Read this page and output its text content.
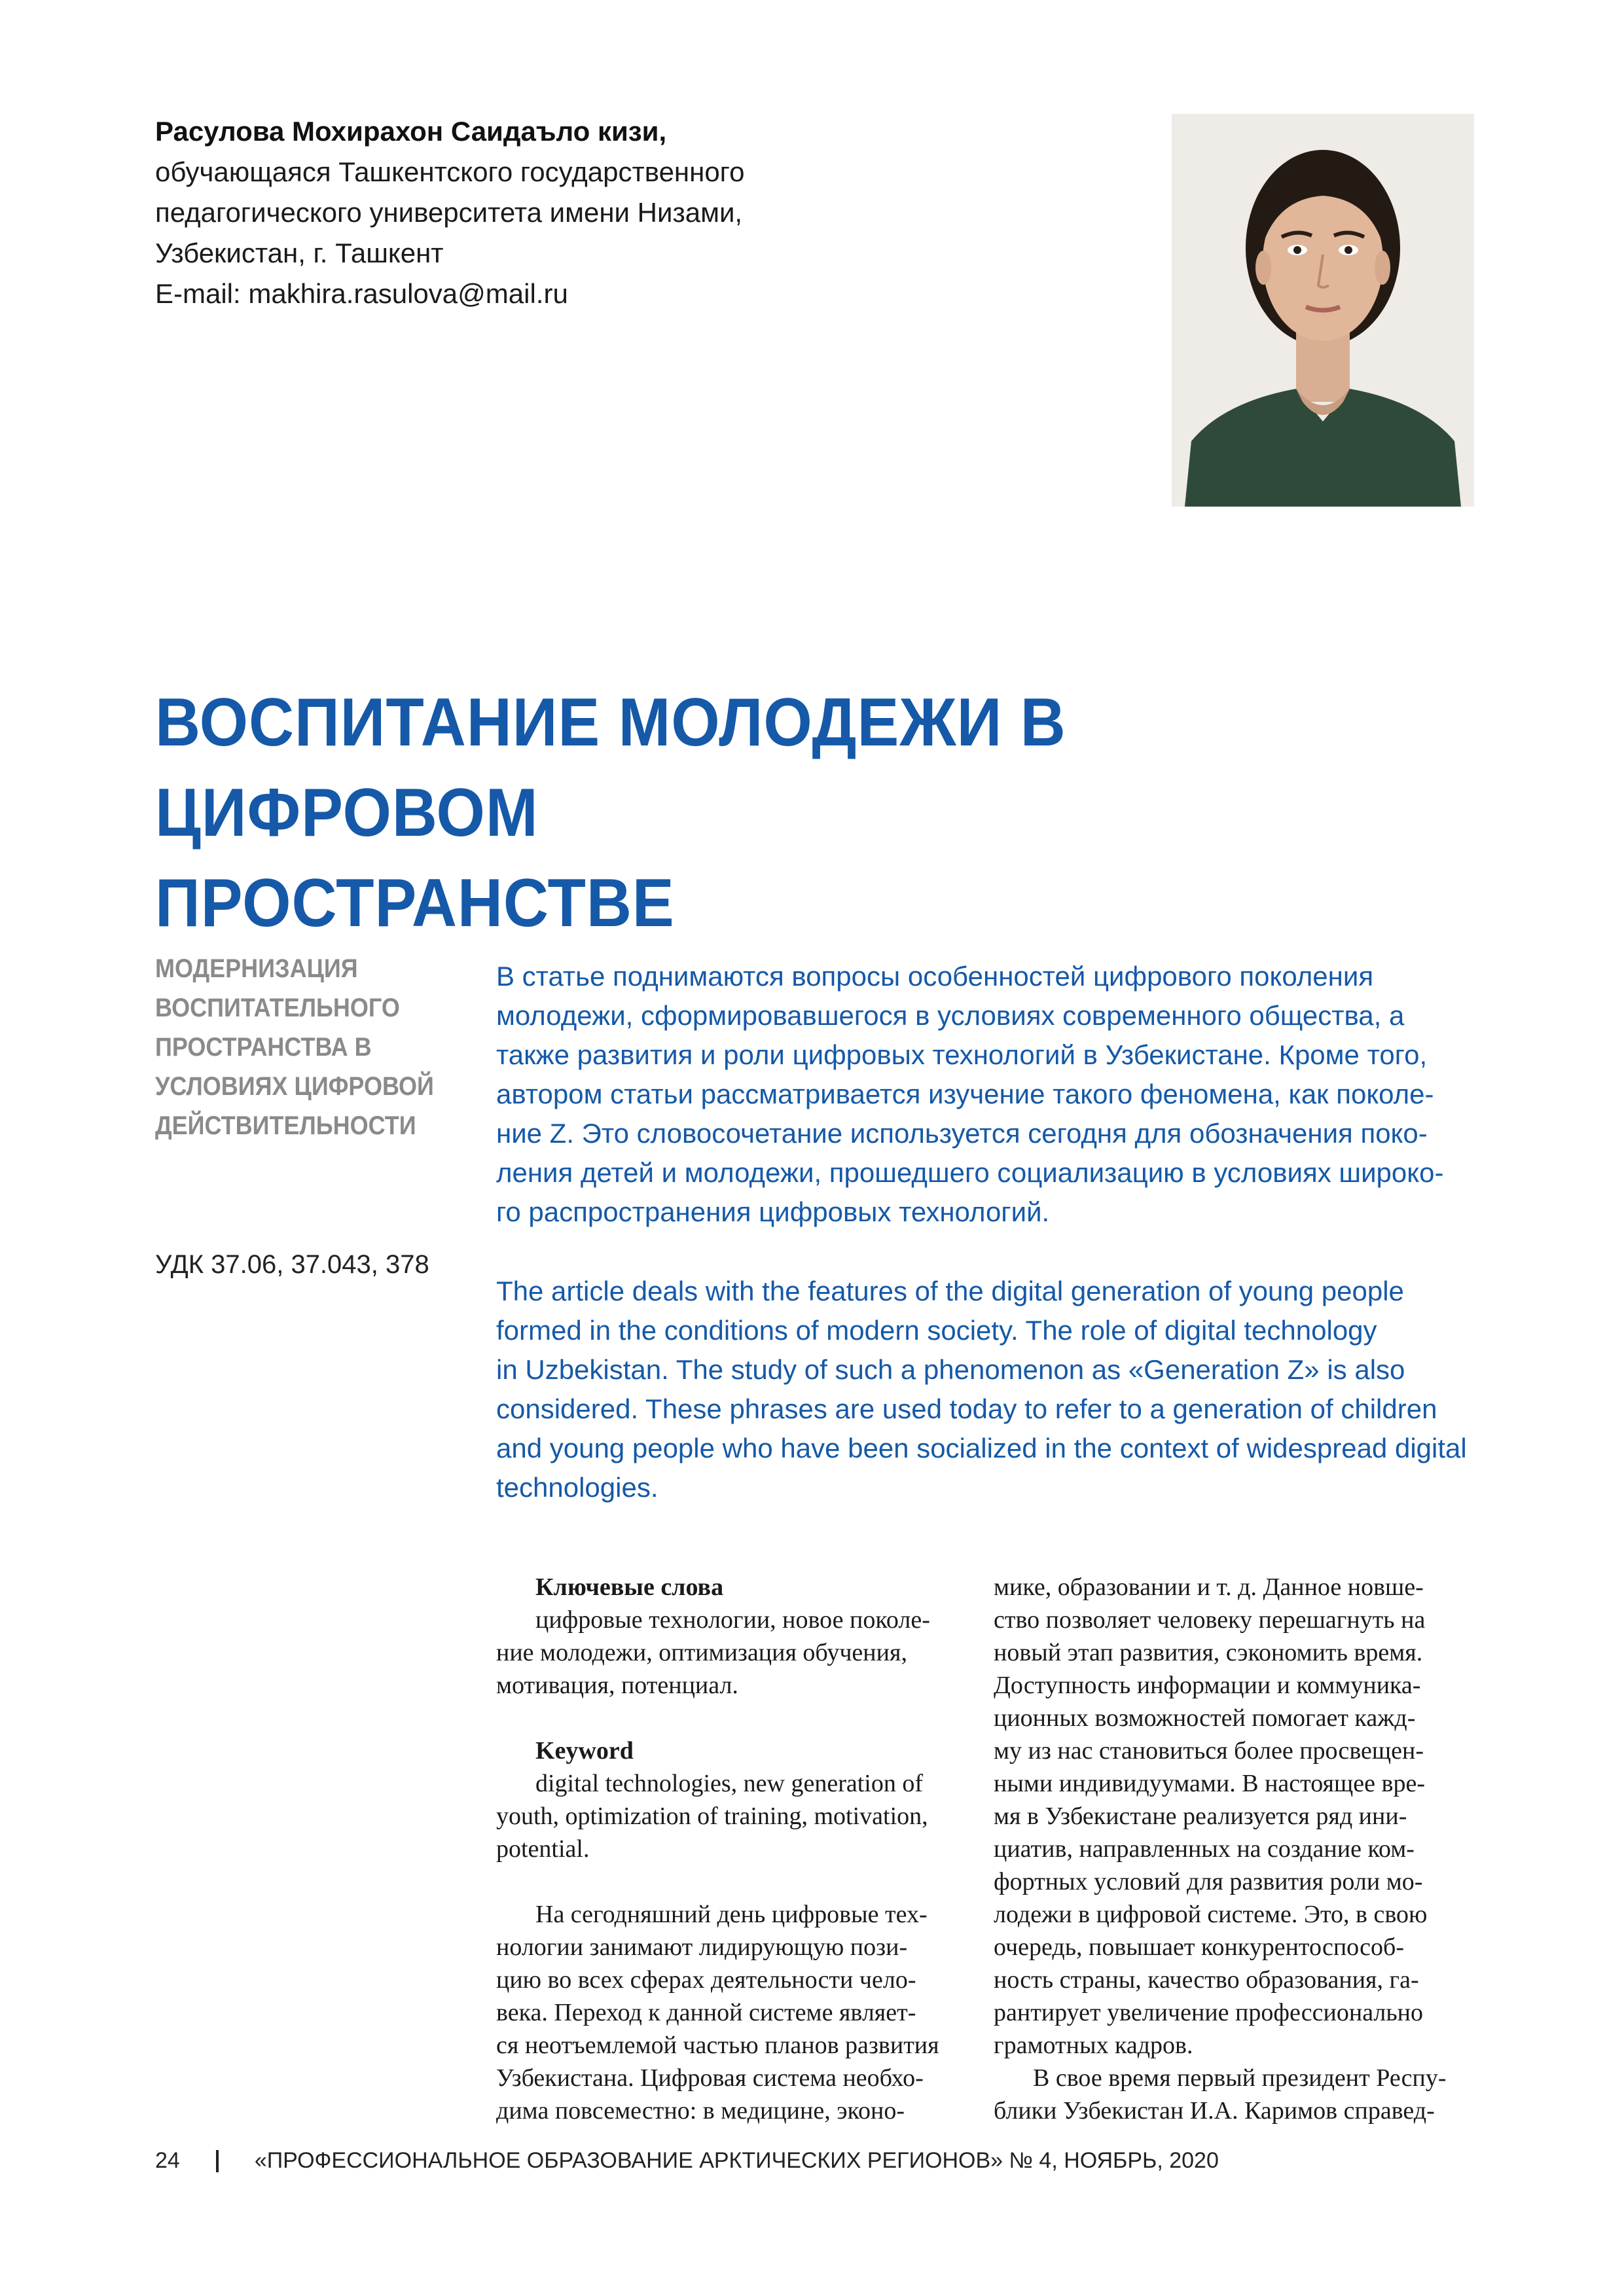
Расулова Мохирахон Саидаъло кизи,
обучающаяся Ташкентского государственного
педагогического университета имени Низами,
Узбекистан, г. Ташкент
E-mail: makhira.rasulova@mail.ru
ВОСПИТАНИЕ МОЛОДЕЖИ В ЦИФРОВОМ
ПРОСТРАНСТВЕ
МОДЕРНИЗАЦИЯ
ВОСПИТАТЕЛЬНОГО
ПРОСТРАНСТВА В
УСЛОВИЯХ ЦИФРОВОЙ
ДЕЙСТВИТЕЛЬНОСТИ
УДК 37.06, 37.043, 378
В статье поднимаются вопросы особенностей цифрового поколения
молодежи, сформировавшегося в условиях современного общества, а
также развития и роли цифровых технологий в Узбекистане. Кроме того,
автором статьи рассматривается изучение такого феномена, как поколе-
ние Z. Это словосочетание используется сегодня для обозначения поко-
ления детей и молодежи, прошедшего социализацию в условиях широко-
го распространения цифровых технологий.
The article deals with the features of the digital generation of young people
formed in the conditions of modern society. The role of digital technology
in Uzbekistan. The study of such a phenomenon as «Generation Z» is also
considered. These phrases are used today to refer to a generation of children
and young people who have been socialized in the context of widespread digital
technologies.
Ключевые слова
цифровые технологии, новое поколе-
ние молодежи, оптимизация обучения,
мотивация, потенциал.
Keyword
digital technologies, new generation of
youth, optimization of training, motivation,
potential.
На сегодняшний день цифровые тех-
нологии занимают лидирующую пози-
цию во всех сферах деятельности чело-
века. Переход к данной системе являет-
ся неотъемлемой частью планов развития
Узбекистана. Цифровая система необхо-
дима повсеместно: в медицине, эконо-
мике, образовании и т. д. Данное новше-
ство позволяет человеку перешагнуть на
новый этап развития, сэкономить время.
Доступность информации и коммуника-
ционных возможностей помогает кажд-
му из нас становиться более просвещен-
ными индивидуумами. В настоящее вре-
мя в Узбекистане реализуется ряд ини-
циатив, направленных на создание ком-
фортных условий для развития роли мо-
лодежи в цифровой системе. Это, в свою
очередь, повышает конкурентоспособ-
ность страны, качество образования, га-
рантирует увеличение профессионально
грамотных кадров.
В свое время первый президент Респу-
блики Узбекистан И.А. Каримов справед-
24	«ПРОФЕССИОНАЛЬНОЕ ОБРАЗОВАНИЕ АРКТИЧЕСКИХ РЕГИОНОВ» № 4, НОЯБРЬ, 2020
